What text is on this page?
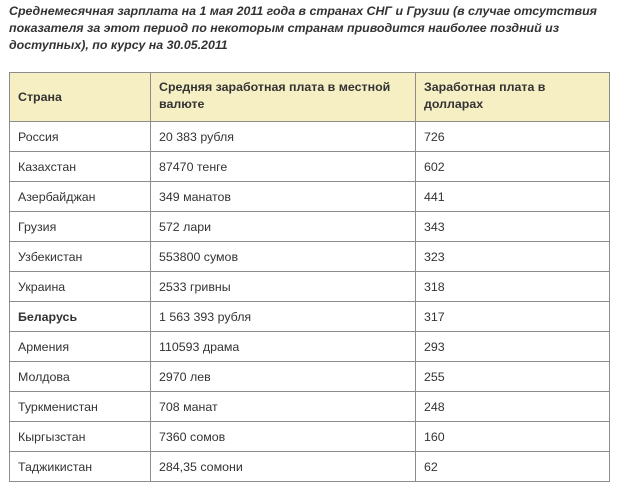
Среднемесячная зарплата на 1 мая 2011 года в странах СНГ и Грузии (в случае отсутствия показателя за этот период по некоторым странам приводится наиболее поздний из доступных), по курсу на 30.05.2011
Страна	Средняя заработная плата в местной валюте	Заработная плата в долларах
Россия	20 383 рубля	726
Казахстан	87470 тенге	602
Азербайджан	349 манатов	441
Грузия	572 лари	343
Узбекистан	553800 сумов	323
Украина	2533 гривны	318
Беларусь	1 563 393 рубля	317
Армения	110593 драма	293
Молдова	2970 лев	255
Туркменистан	708 манат	248
Кыргызстан	7360 сомов	160
Таджикистан	284,35 сомони	62
